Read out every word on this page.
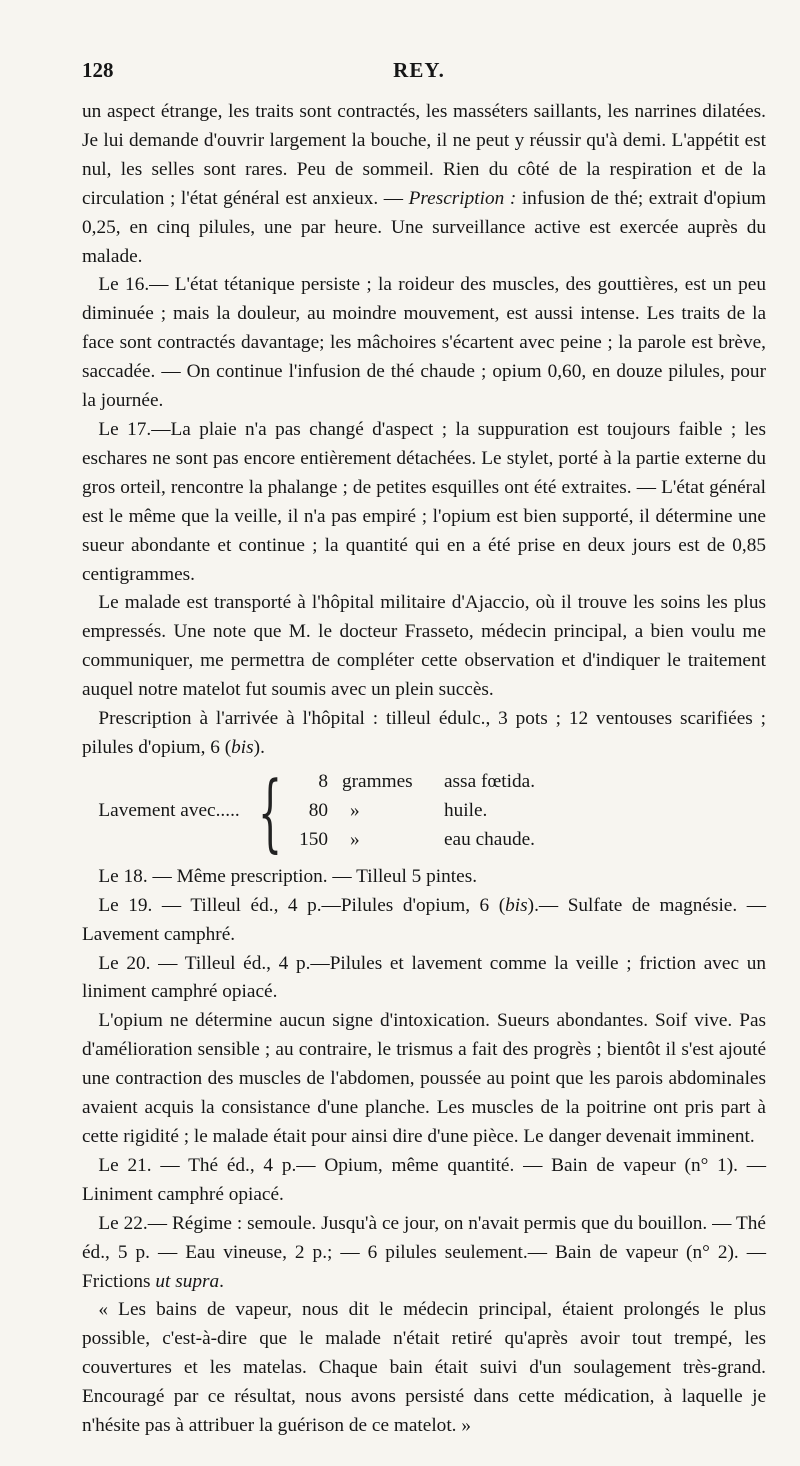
128	REY.

un aspect étrange, les traits sont contractés, les masséters saillants, les narrines dilatées. Je lui demande d'ouvrir largement la bouche, il ne peut y réussir qu'à demi. L'appétit est nul, les selles sont rares. Peu de sommeil. Rien du côté de la respiration et de la circulation ; l'état général est anxieux. — Prescription : infusion de thé; extrait d'opium 0,25, en cinq pilules, une par heure. Une surveillance active est exercée auprès du malade.

Le 16.— L'état tétanique persiste ; la roideur des muscles, des gouttières, est un peu diminuée ; mais la douleur, au moindre mouvement, est aussi intense. Les traits de la face sont contractés davantage; les mâchoires s'écartent avec peine ; la parole est brève, saccadée. — On continue l'infusion de thé chaude ; opium 0,60, en douze pilules, pour la journée.

Le 17.—La plaie n'a pas changé d'aspect ; la suppuration est toujours faible ; les eschares ne sont pas encore entièrement détachées. Le stylet, porté à la partie externe du gros orteil, rencontre la phalange ; de petites esquilles ont été extraites. — L'état général est le même que la veille, il n'a pas empiré ; l'opium est bien supporté, il détermine une sueur abondante et continue ; la quantité qui en a été prise en deux jours est de 0,85 centigrammes.

Le malade est transporté à l'hôpital militaire d'Ajaccio, où il trouve les soins les plus empressés. Une note que M. le docteur Frasseto, médecin principal, a bien voulu me communiquer, me permettra de compléter cette observation et d'indiquer le traitement auquel notre matelot fut soumis avec un plein succès.

Prescription à l'arrivée à l'hôpital : tilleul édulc., 3 pots ; 12 ventouses scarifiées ; pilules d'opium, 6 (bis).

Lavement avec..... { 8	grammes	assa fœtida.
80	»	huile.
150	»	eau chaude.

Le 18. — Même prescription. — Tilleul 5 pintes.

Le 19. — Tilleul éd., 4 p.—Pilules d'opium, 6 (bis).— Sulfate de magnésie. — Lavement camphré.

Le 20. — Tilleul éd., 4 p.—Pilules et lavement comme la veille ; friction avec un liniment camphré opiacé.

L'opium ne détermine aucun signe d'intoxication. Sueurs abondantes. Soif vive. Pas d'amélioration sensible ; au contraire, le trismus a fait des progrès ; bientôt il s'est ajouté une contraction des muscles de l'abdomen, poussée au point que les parois abdominales avaient acquis la consistance d'une planche. Les muscles de la poitrine ont pris part à cette rigidité ; le malade était pour ainsi dire d'une pièce. Le danger devenait imminent.

Le 21. — Thé éd., 4 p.— Opium, même quantité. — Bain de vapeur (n° 1). — Liniment camphré opiacé.

Le 22.— Régime : semoule. Jusqu'à ce jour, on n'avait permis que du bouillon. — Thé éd., 5 p. — Eau vineuse, 2 p.; — 6 pilules seulement.— Bain de vapeur (n° 2). — Frictions ut supra.

« Les bains de vapeur, nous dit le médecin principal, étaient prolongés le plus possible, c'est-à-dire que le malade n'était retiré qu'après avoir tout trempé, les couvertures et les matelas. Chaque bain était suivi d'un soulagement très-grand. Encouragé par ce résultat, nous avons persisté dans cette médication, à laquelle je n'hésite pas à attribuer la guérison de ce matelot. »
